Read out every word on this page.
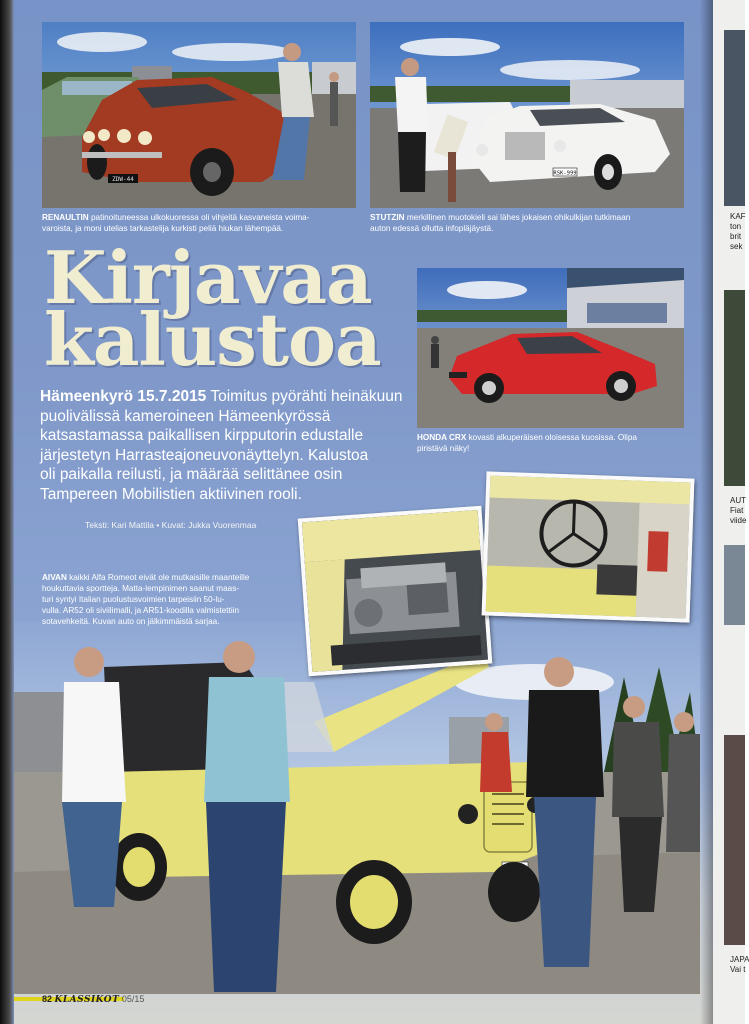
ZDW-44
RENAULTIN patinoituneessa ulkokuoressa oli vihjeitä kasvaneista voima-
varoista, ja moni utelias tarkastelija kurkisti peliä hiukan lähempää.
RSK-999
STUTZIN merkillinen muotokieli sai lähes jokaisen ohikulkijan tutkimaan
auton edessä ollutta infopläjäystä.
Kirjavaa
kalustoa
HONDA CRX kovasti alkuperäisen oloisessa kuosissa. Olipa
piristävä näky!
Hämeenkyrö 15.7.2015 Toimitus pyörähti heinäkuun
puolivälissä kameroineen Hämeenkyrössä
katsastamassa paikallisen kirpputorin edustalle
järjestetyn Harrasteajoneuvonäyttelyn. Kalustoa
oli paikalla reilusti, ja määrää selittänee osin
Tampereen Mobilistien aktiivinen rooli.
Teksti: Kari Mattila • Kuvat: Jukka Vuorenmaa
AIVAN kaikki Alfa Romeot eivät ole mutkaisille maanteille
houkuttavia sportteja. Matta-lempinimen saanut maas-
turi syntyi Italian puolustusvoimien tarpeisiin 50-lu-
vulla. AR52 oli siviilimalli, ja AR51-koodilla valmistettiin
sotavehkeitä. Kuvan auto on jälkimmäistä sarjaa.
82 KLASSIKOT 05/15
KAF
ton
brit
sek
AUT
Fiat
viide
JAPA
Vai t
